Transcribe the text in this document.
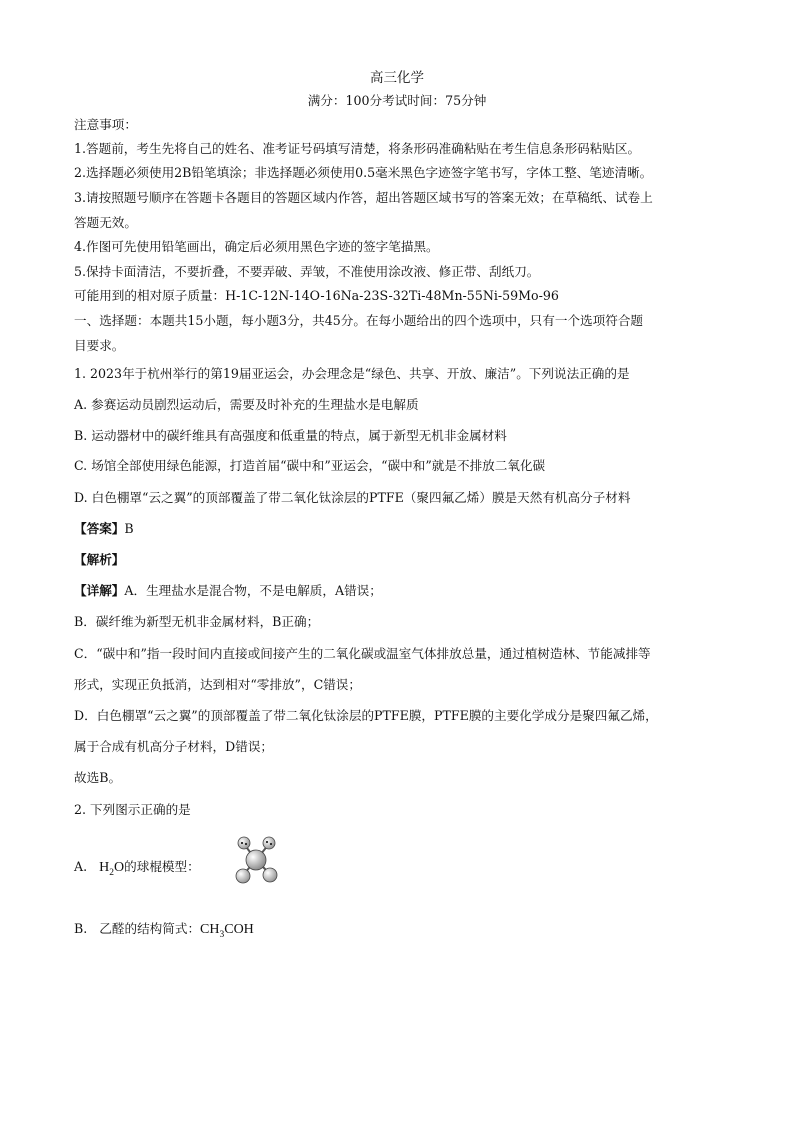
高三化学
满分：100分考试时间：75分钟
注意事项：
1.答题前，考生先将自己的姓名、准考证号码填写清楚，将条形码准确粘贴在考生信息条形码粘贴区。
2.选择题必须使用2B铅笔填涂；非选择题必须使用0.5毫米黑色字迹签字笔书写，字体工整、笔迹清晰。
3.请按照题号顺序在答题卡各题目的答题区域内作答，超出答题区域书写的答案无效；在草稿纸、试卷上
答题无效。
4.作图可先使用铅笔画出，确定后必须用黑色字迹的签字笔描黑。
5.保持卡面清洁，不要折叠，不要弄破、弄皱，不准使用涂改液、修正带、刮纸刀。
可能用到的相对原子质量：H-1C-12N-14O-16Na-23S-32Ti-48Mn-55Ni-59Mo-96
一、选择题：本题共15小题，每小题3分，共45分。在每小题给出的四个选项中，只有一个选项符合题
目要求。
1. 2023年于杭州举行的第19届亚运会，办会理念是“绿色、共享、开放、廉洁”。下列说法正确的是
A. 参赛运动员剧烈运动后，需要及时补充的生理盐水是电解质
B. 运动器材中的碳纤维具有高强度和低重量的特点，属于新型无机非金属材料
C. 场馆全部使用绿色能源，打造首届“碳中和”亚运会，“碳中和”就是不排放二氧化碳
D. 白色棚罩“云之翼”的顶部覆盖了带二氧化钛涂层的PTFE（聚四氟乙烯）膜是天然有机高分子材料
【答案】B
【解析】
【详解】A．生理盐水是混合物，不是电解质，A错误；
B．碳纤维为新型无机非金属材料，B正确；
C．“碳中和”指一段时间内直接或间接产生的二氧化碳或温室气体排放总量，通过植树造林、节能减排等
形式，实现正负抵消，达到相对“零排放”，C错误；
D．白色棚罩“云之翼”的顶部覆盖了带二氧化钛涂层的PTFE膜，PTFE膜的主要化学成分是聚四氟乙烯，
属于合成有机高分子材料，D错误；
故选B。
2. 下列图示正确的是
A. $H_2O$的球棍模型：
B. 乙醛的结构简式：$CH_3COH$
